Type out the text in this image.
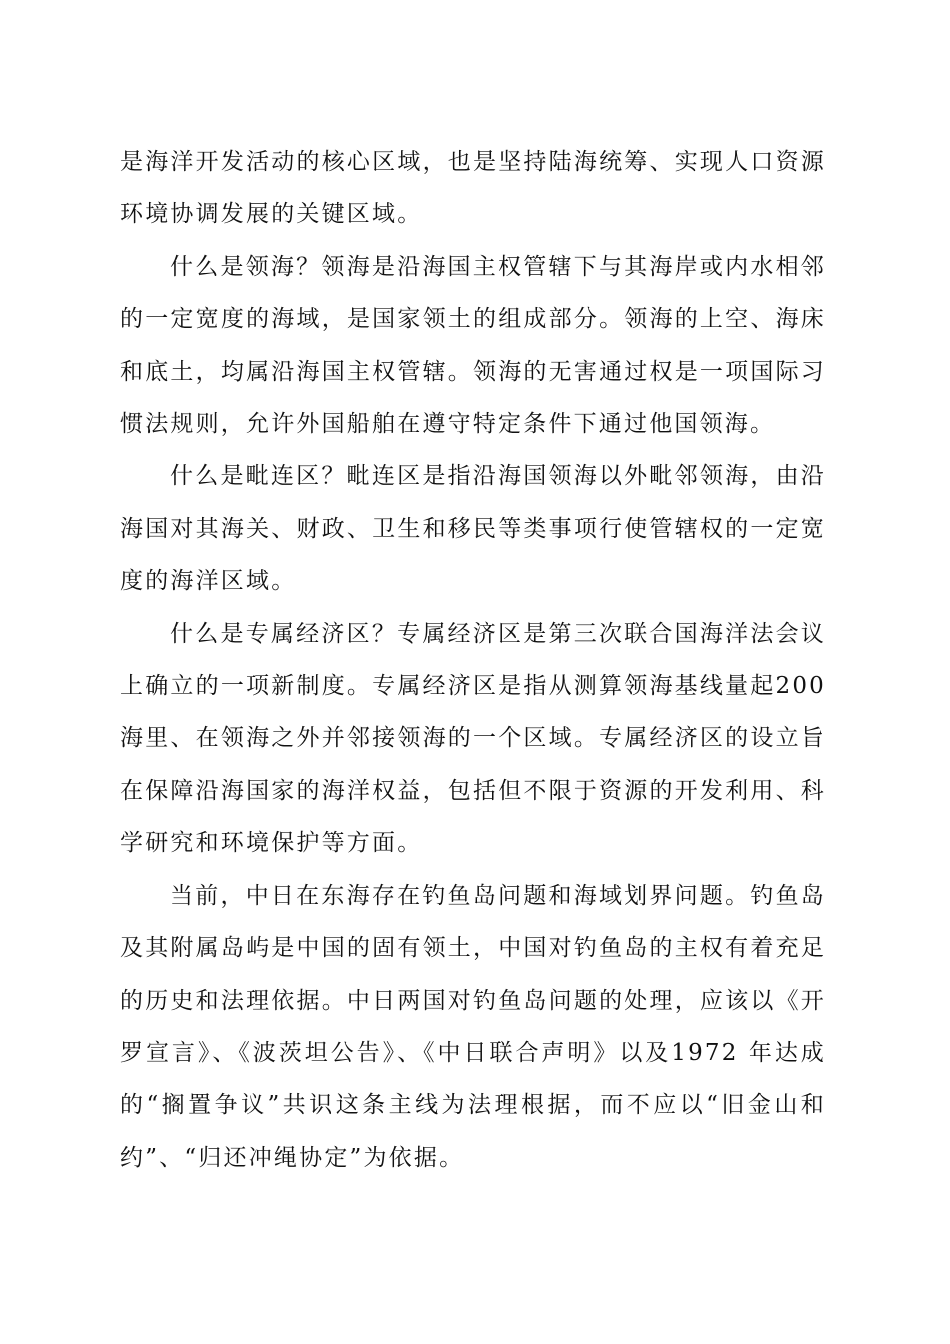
是海洋开发活动的核心区域，也是坚持陆海统筹、实现人口资源环境协调发展的关键区域。

什么是领海？领海是沿海国主权管辖下与其海岸或内水相邻的一定宽度的海域，是国家领土的组成部分。领海的上空、海床和底土，均属沿海国主权管辖。领海的无害通过权是一项国际习惯法规则，允许外国船舶在遵守特定条件下通过他国领海。

什么是毗连区？毗连区是指沿海国领海以外毗邻领海，由沿海国对其海关、财政、卫生和移民等类事项行使管辖权的一定宽度的海洋区域。

什么是专属经济区？专属经济区是第三次联合国海洋法会议上确立的一项新制度。专属经济区是指从测算领海基线量起200 海里、在领海之外并邻接领海的一个区域。专属经济区的设立旨在保障沿海国家的海洋权益，包括但不限于资源的开发利用、科学研究和环境保护等方面。

当前，中日在东海存在钓鱼岛问题和海域划界问题。钓鱼岛及其附属岛屿是中国的固有领土，中国对钓鱼岛的主权有着充足的历史和法理依据。中日两国对钓鱼岛问题的处理，应该以《开罗宣言》、《波茨坦公告》、《中日联合声明》以及1972 年达成的“搁置争议”共识这条主线为法理根据，而不应以“旧金山和约”、“归还冲绳协定”为依据。
